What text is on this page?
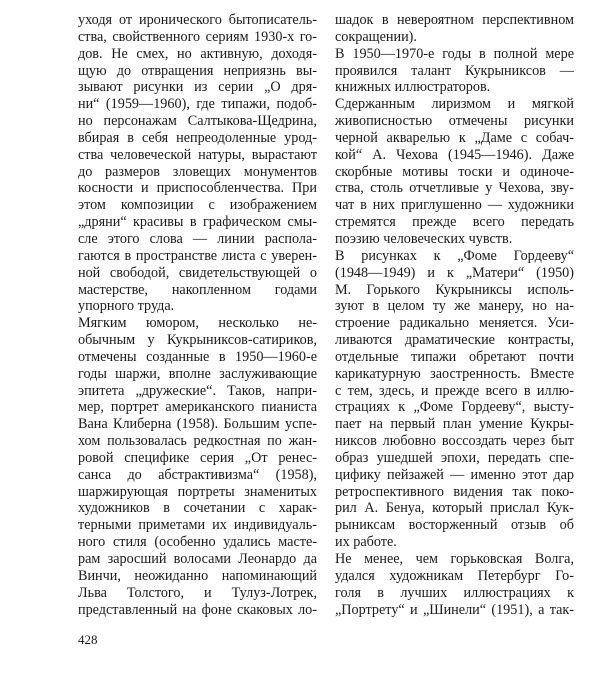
уходя от иронического бытописатель-
ства, свойственного сериям 1930-х го-
дов. Не смех, но активную, доходя-
щую до отвращения неприязнь вы-
зывают рисунки из серии „О дря-
ни“ (1959—1960), где типажи, подоб-
но персонажам Салтыкова-Щедрина,
вбирая в себя непреодоленные урод-
ства человеческой натуры, вырастают
до размеров зловещих монументов
косности и приспособленчества. При
этом композиции с изображением
„дряни“ красивы в графическом смы-
сле этого слова — линии распола-
гаются в пространстве листа с уверен-
ной свободой, свидетельствующей о
мастерстве, накопленном годами
упорного труда.
Мягким юмором, несколько не-
обычным у Кукрыниксов-сатириков,
отмечены созданные в 1950—1960-е
годы шаржи, вполне заслуживающие
эпитета „дружеские“. Таков, напри-
мер, портрет американского пианиста
Вана Клиберна (1958). Большим успе-
хом пользовалась редкостная по жан-
ровой специфике серия „От ренес-
санса до абстрактивизма“ (1958),
шаржирующая портреты знаменитых
художников в сочетании с харак-
терными приметами их индивидуаль-
ного стиля (особенно удались масте-
рам заросший волосами Леонардо да
Винчи, неожиданно напоминающий
Льва Толстого, и Тулуз-Лотрек,
представленный на фоне скаковых ло-
шадок в невероятном перспективном
сокращении).
В 1950—1970-е годы в полной мере
проявился талант Кукрыниксов —
книжных иллюстраторов.
Сдержанным лиризмом и мягкой
живописностью отмечены рисунки
черной акварелью к „Даме с собач-
кой“ А. Чехова (1945—1946). Даже
скорбные мотивы тоски и одиноче-
ства, столь отчетливые у Чехова, зву-
чат в них приглушенно — художники
стремятся прежде всего передать
поэзию человеческих чувств.
В рисунках к „Фоме Гордееву“
(1948—1949) и к „Матери“ (1950)
М. Горького Кукрыниксы исполь-
зуют в целом ту же манеру, но на-
строение радикально меняется. Уси-
ливаются драматические контрасты,
отдельные типажи обретают почти
карикатурную заостренность. Вместе
с тем, здесь, и прежде всего в иллю-
страциях к „Фоме Гордееву“, высту-
пает на первый план умение Кукры-
никсов любовно воссоздать через быт
образ ушедшей эпохи, передать спе-
цифику пейзажей — именно этот дар
ретроспективного видения так поко-
рил А. Бенуа, который прислал Кук-
рыниксам восторженный отзыв об
их работе.
Не менее, чем горьковская Волга,
удался художникам Петербург Го-
голя в лучших иллюстрациях к
„Портрету“ и „Шинели“ (1951), а так-
428
